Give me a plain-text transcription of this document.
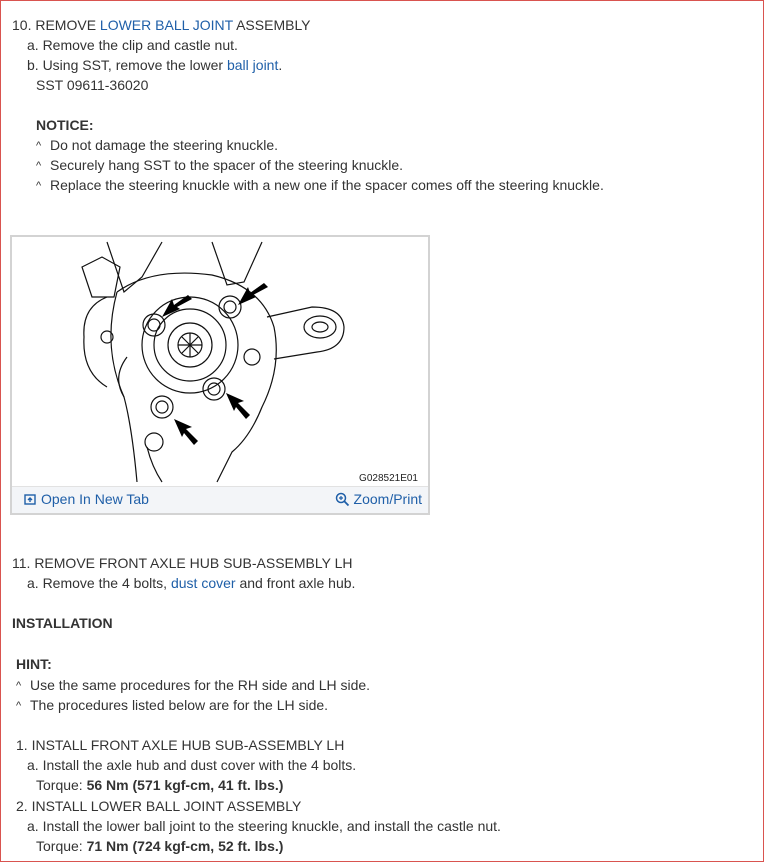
10. REMOVE LOWER BALL JOINT ASSEMBLY
a. Remove the clip and castle nut.
b. Using SST, remove the lower ball joint.
SST 09611-36020
NOTICE:
^ Do not damage the steering knuckle.
^ Securely hang SST to the spacer of the steering knuckle.
^ Replace the steering knuckle with a new one if the spacer comes off the steering knuckle.
G028521E01
Open In New Tab	Zoom/Print
11. REMOVE FRONT AXLE HUB SUB-ASSEMBLY LH
a. Remove the 4 bolts, dust cover and front axle hub.
INSTALLATION
HINT:
^ Use the same procedures for the RH side and LH side.
^ The procedures listed below are for the LH side.
1. INSTALL FRONT AXLE HUB SUB-ASSEMBLY LH
a. Install the axle hub and dust cover with the 4 bolts.
Torque: 56 Nm (571 kgf-cm, 41 ft. lbs.)
2. INSTALL LOWER BALL JOINT ASSEMBLY
a. Install the lower ball joint to the steering knuckle, and install the castle nut.
Torque: 71 Nm (724 kgf-cm, 52 ft. lbs.)
